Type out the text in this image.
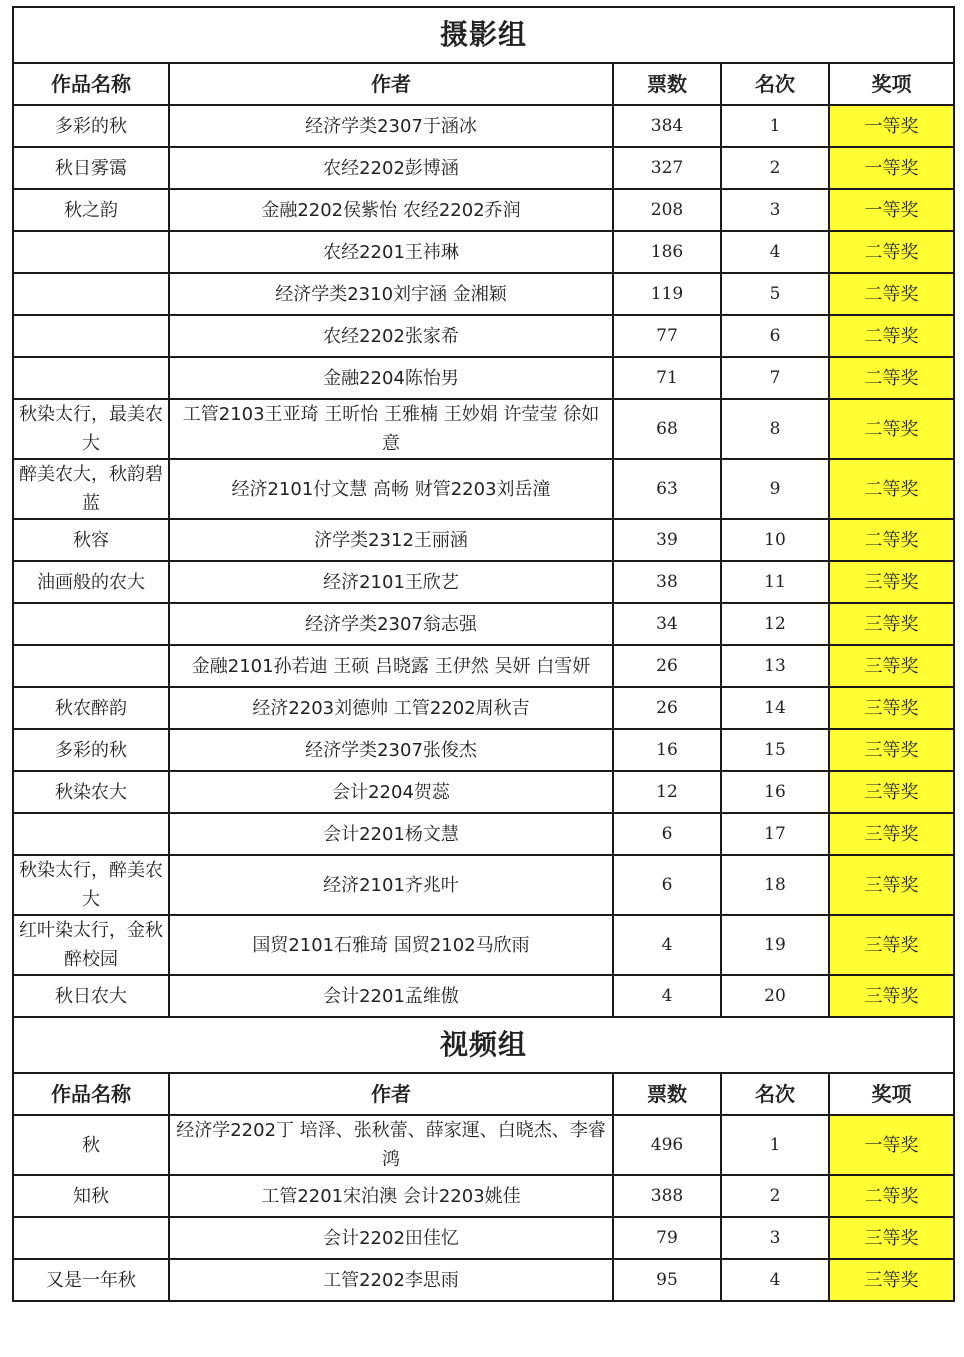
摄影组				
作品名称	作者	票数	名次	奖项
多彩的秋	经济学类2307于涵冰	384	1	一等奖
秋日雾霭	农经2202彭博涵	327	2	一等奖
秋之韵	金融2202侯紫怡 农经2202乔润	208	3	一等奖
	农经2201王祎琳	186	4	二等奖
	经济学类2310刘宇涵 金湘颖	119	5	二等奖
	农经2202张家希	77	6	二等奖
	金融2204陈怡男	71	7	二等奖
秋染太行，最美农大	工管2103王亚琦 王昕怡 王雅楠 王妙娟 许莹莹 徐如意	68	8	二等奖
醉美农大，秋韵碧蓝	经济2101付文慧 高畅 财管2203刘岳潼	63	9	二等奖
秋容	济学类2312王丽涵	39	10	二等奖
油画般的农大	经济2101王欣艺	38	11	三等奖
	经济学类2307翁志强	34	12	三等奖
	金融2101孙若迪 王硕 吕晓露 王伊然 吴妍 白雪妍	26	13	三等奖
秋农醉韵	经济2203刘德帅 工管2202周秋吉	26	14	三等奖
多彩的秋	经济学类2307张俊杰	16	15	三等奖
秋染农大	会计2204贺蕊	12	16	三等奖
	会计2201杨文慧	6	17	三等奖
秋染太行，醉美农大	经济2101齐兆叶	6	18	三等奖
红叶染太行，金秋醉校园	国贸2101石雅琦 国贸2102马欣雨	4	19	三等奖
秋日农大	会计2201孟维傲	4	20	三等奖
视频组				
作品名称	作者	票数	名次	奖项
秋	经济学2202丁 培泽、张秋蕾、薛家運、白晓杰、李睿鸿	496	1	一等奖
知秋	工管2201宋泊澳 会计2203姚佳	388	2	二等奖
	会计2202田佳忆	79	3	三等奖
又是一年秋	工管2202李思雨	95	4	三等奖
